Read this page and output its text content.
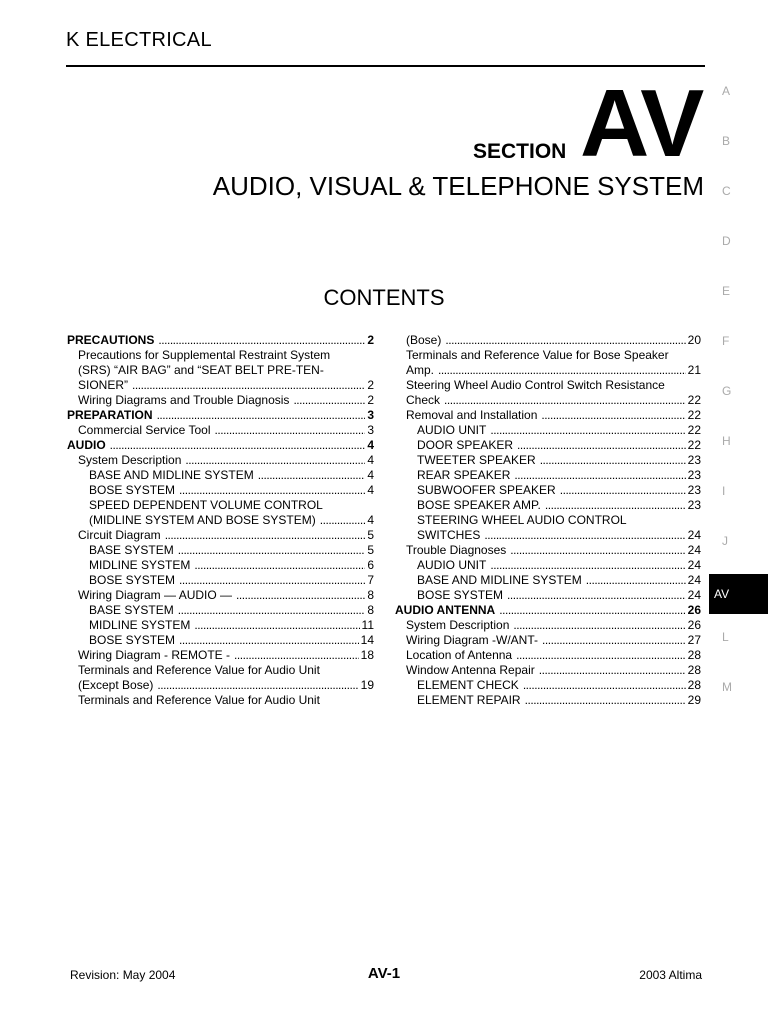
K ELECTRICAL
SECTION AV
AUDIO, VISUAL & TELEPHONE SYSTEM
CONTENTS
PRECAUTIONS . . .	2
Precautions for Supplemental Restraint System
(SRS) “AIR BAG” and “SEAT BELT PRE-TEN-
SIONER” . . .	2
Wiring Diagrams and Trouble Diagnosis . . .	2
PREPARATION . . .	3
Commercial Service Tool . . .	3
AUDIO . . .	4
System Description . . .	4
BASE AND MIDLINE SYSTEM . . .	4
BOSE SYSTEM . . .	4
SPEED DEPENDENT VOLUME CONTROL
(MIDLINE SYSTEM AND BOSE SYSTEM) . . .	4
Circuit Diagram . . .	5
BASE SYSTEM . . .	5
MIDLINE SYSTEM . . .	6
BOSE SYSTEM . . .	7
Wiring Diagram — AUDIO — . . .	8
BASE SYSTEM . . .	8
MIDLINE SYSTEM . . .	11
BOSE SYSTEM . . .	14
Wiring Diagram - REMOTE - . . .	18
Terminals and Reference Value for Audio Unit
(Except Bose) . . .	19
Terminals and Reference Value for Audio Unit
(Bose) . . .	20
Terminals and Reference Value for Bose Speaker
Amp. . . .	21
Steering Wheel Audio Control Switch Resistance
Check . . .	22
Removal and Installation . . .	22
AUDIO UNIT . . .	22
DOOR SPEAKER . . .	22
TWEETER SPEAKER . . .	23
REAR SPEAKER . . .	23
SUBWOOFER SPEAKER . . .	23
BOSE SPEAKER AMP. . . .	23
STEERING WHEEL AUDIO CONTROL
SWITCHES . . .	24
Trouble Diagnoses . . .	24
AUDIO UNIT . . .	24
BASE AND MIDLINE SYSTEM . . .	24
BOSE SYSTEM . . .	24
AUDIO ANTENNA . . .	26
System Description . . .	26
Wiring Diagram -W/ANT- . . .	27
Location of Antenna . . .	28
Window Antenna Repair . . .	28
ELEMENT CHECK . . .	28
ELEMENT REPAIR . . .	29
A
B
C
D
E
F
G
H
I
J
AV
L
M
Revision: May 2004	AV-1	2003 Altima
